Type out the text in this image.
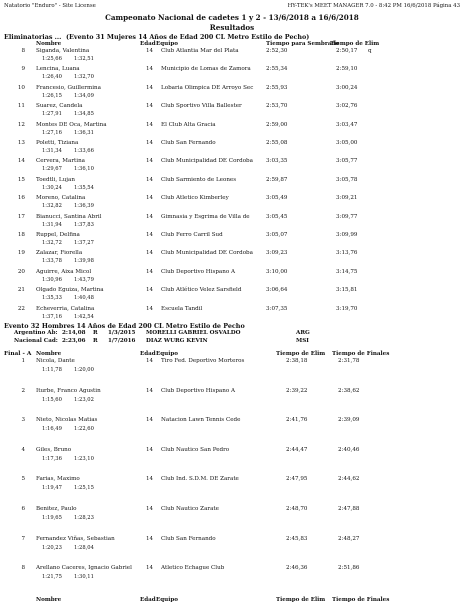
Natatorio "Enduro" - Site License	HY-TEK's MEET MANAGER 7.0 - 8:42 PM 16/6/2018 Página 43
Campeonato Nacional de cadetes 1 y 2 - 13/6/2018 a 16/6/2018
Resultados
Eliminatorias ... (Evento 31 Mujeres 14 Años de Edad 200 CL Metro Estilo de Pecho)
Nombre	Edad Equipo	Tiempo para Sembrado
Tiempo de Elim
8 Siganda, Valentina	14 Club Atlantia Mar del Plata	2:52,30	2:50,17 q
1:25,66 1:32,51
9 Lencina, Luana	14 Municipio de Lomas de Zamora	2:55,34	2:59,10
1:26,40 1:32,70
10 Francesio, Guillermina	14 Lobaria Olimpica DE Arroyo Sec 2:55,93	3:00,24
1:26,15 1:34,09
11 Suarez, Candela	14 Club Sportivo Villa Ballester	2:53,70	3:02,76
1:27,91 1:34,85
12 Montes DE Oca, Martina	14 El Club Alta Gracia	2:59,00	3:03,47
1:27,16 1:36,31
13 Poletti, Tiziana	14 Club San Fernando	2:55,08	3:05,00
1:31,34 1:33,66
14 Cervera, Martina	14 Club Municipalidad DE Cordoba 3:03,35	3:05,77
1:29,67 1:36,10
15 Toedtli, Lujan	14 Club Sarmiento de Leones	2:59,87	3:05,78
1:30,24 1:35,54
16 Moreno, Catalina	14 Club Atletico Kimberley	3:05,49	3:09,21
1:32,82 1:36,39
17 Bianucci, Santina Abril	14 Gimnasia y Esgrima de Villa de	3:05,45	3:09,77
1:31,94 1:37,83
18 Ruppel, Delfina	14 Club Ferro Carril Sud	3:05,07	3:09,99
1:32,72 1:37,27
19 Zalazar, Fiorella	14 Club Municipalidad DE Cordoba 3:09,23	3:13,76
1:33,78 1:39,98
20 Aguirre, Aixa Micol	14 Club Deportivo Hispano A	3:10,00	3:14,75
1:30,96 1:43,79
21 Olgado Eguiza, Martina	14 Club Atlético Velez Sarsfield	3:06,64	3:15,81
1:35,33 1:40,48
22 Echeverria, Catalina	14 Escuela Tandil	3:07,35	3:19,70
1:37,16 1:42,54
Evento 32 Hombres 14 Años de Edad 200 CL Metro Estilo de Pecho
Argentino Ab: 2:14,08 R 1/3/2015 MORELLI GABRIEL OSVALDO	ARG
Nacional Cad: 2:23,06 R 1/7/2016 DIAZ WURG KEVIN	MSI
Final - A Nombre	Edad Equipo	Tiempo de Elim Tiempo de Finales
1 Nicola, Dante	14 Tiro Fed. Deportivo Morteros	2:38,18	2:31,78
1:11,78 1:20,00
2 Iturbe, Franco Agustin	14 Club Deportivo Hispano A	2:39,22	2:38,62
1:15,60 1:23,02
3 Nieto, Nicolas Matias	14 Natacion Lawn Tennis Cede	2:41,76	2:39,09
1:16,49 1:22,60
4 Giles, Bruno	14 Club Nautico San Pedro	2:44,47	2:40,46
1:17,36 1:23,10
5 Farias, Maximo	14 Club Ind. S.D.M. DE Zarate	2:47,95	2:44,62
1:19,47 1:25,15
6 Benitez, Paulo	14 Club Nautico Zarate	2:48,70	2:47,88
1:19,65 1:28,23
7 Fernandez Viñas, Sebastian	14 Club San Fernando	2:45,83	2:48,27
1:20,23 1:28,04
8 Arellano Caceres, Ignacio Gabriel	14 Atletico Echague Club	2:46,36	2:51,86
1:21,75 1:30,11
Nombre	Edad Equipo	Tiempo de Elim Tiempo de Finales
